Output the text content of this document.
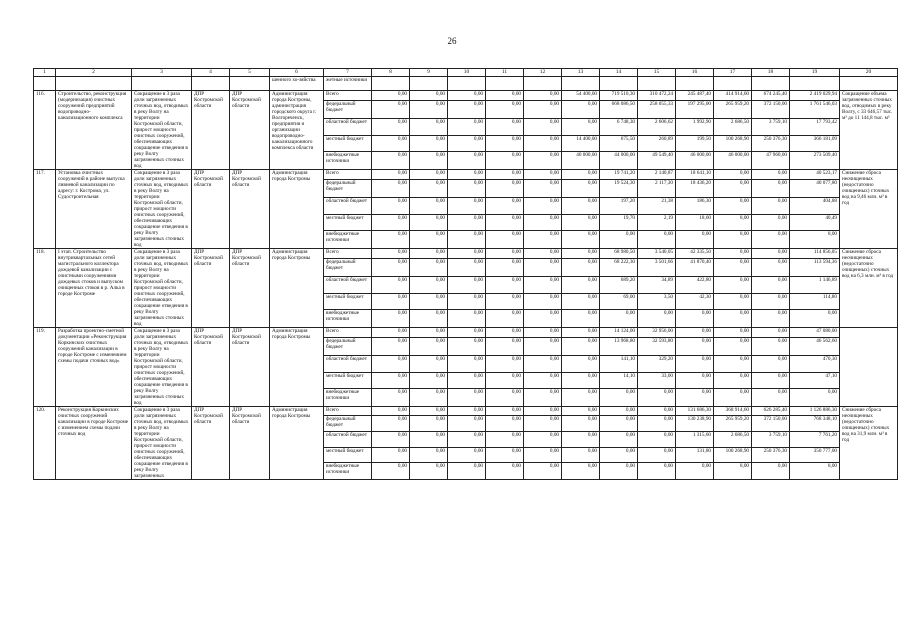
26
1	2	3	4	5	6	7	8	9	10	11	12	13	14	15	16	17	18	19	20
					шенного хо-зяйства	жетные источники													
116.	Строительство, реконструкция (модернизация) очистных сооружений предприятий водопроводно-канализационного комплекса	Сокращение в 3 раза доли загрязненных сточных вод, отводимых в реку Волгу на территории Костромской области, прирост мощности очистных сооружений, обеспечивающих сокращение отведения в реку Волгу загрязненных сточных вод	ДПР Костромской области	ДПР Костромской области	Администрация города Костромы, администрация городского округа г. Волгореченск, предприятия и организации водопроводно-канализационного комплекса области	Всего	0,00	0,00	0,00	0,00	0,00	54 400,00	719 510,30	310 472,24	245 487,40	414 914,60	674 245,40	2 419 029,94	Сокращение объема загрязненных сточных вод, отводимых в реку Волгу, с 33 646,57 тыс. м³ до 11 144,8 тыс. м³
						федеральный бюджет	0,00	0,00	0,00	0,00	0,00	0,00	668 086,50	258 055,33	197 295,00	265 959,20	372 150,00	1 761 546,03	
						областной бюджет	0,00	0,00	0,00	0,00	0,00	0,00	6 748,30	2 606,62	1 992,90	2 686,50	3 759,10	17 793,42	
						местный бюджет	0,00	0,00	0,00	0,00	0,00	14 400,00	675,50	260,89	199,50	100 268,90	250 376,30	366 181,09	
						внебюджетные источники	0,00	0,00	0,00	0,00	0,00	40 000,00	44 000,00	49 549,40	46 000,00	46 000,00	47 960,00	273 509,40	
117.	Установка очистных сооружений в районе выпуска ливневой канализации по адресу: г. Кострома, ул. Судостроительная	Сокращение в 3 раза доли загрязненных сточных вод, отводимых в реку Волгу на территории Костромской области, прирост мощности очистных сооружений, обеспечивающих сокращение отведения в реку Волгу загрязненных сточных вод	ДПР Костромской области	ДПР Костромской области	Администрация города Костромы	Всего	0,00	0,00	0,00	0,00	0,00	0,00	19 741,20	2 140,87	18 641,10	0,00	0,00	40 523,17	Снижение сброса неочищенных (недостаточно очищенных) сточных вод на 9,46 млн. м³ в год
						федеральный бюджет	0,00	0,00	0,00	0,00	0,00	0,00	19 524,30	2 117,30	18 436,20	0,00	0,00	40 077,80	
						областной бюджет	0,00	0,00	0,00	0,00	0,00	0,00	197,20	21,38	186,30	0,00	0,00	404,88	
						местный бюджет	0,00	0,00	0,00	0,00	0,00	0,00	19,70	2,19	18,60	0,00	0,00	40,49	
						внебюджетные источники	0,00	0,00	0,00	0,00	0,00	0,00	0,00	0,00	0,00	0,00	0,00	0,00	
118.	I этап. Строительство внутриквартальных сетей магистрального коллектора дождевой канализации с очистными сооружениями дождевых стоков и выпуском очищенных стоков в р. Алка в городе Костроме	Сокращение в 3 раза доли загрязненных сточных вод, отводимых в реку Волгу на территории Костромской области, прирост мощности очистных сооружений, обеспечивающих сокращение отведения в реку Волгу загрязненных сточных вод	ДПР Костромской области	ДПР Костромской области	Администрация города Костромы	Всего	0,00	0,00	0,00	0,00	0,00	0,00	68 980,50	3 540,05	42 335,50	0,00	0,00	114 856,05	Снижение сброса неочищенных (недостаточно очищенных) сточных вод на 6,3 млн. м³ в год
						федеральный бюджет	0,00	0,00	0,00	0,00	0,00	0,00	68 222,30	3 501,66	41 870,40	0,00	0,00	113 594,36	
						областной бюджет	0,00	0,00	0,00	0,00	0,00	0,00	689,20	34,89	422,80	0,00	0,00	1 146,89	
						местный бюджет	0,00	0,00	0,00	0,00	0,00	0,00	69,00	3,50	42,30	0,00	0,00	114,80	
						внебюджетные источники	0,00	0,00	0,00	0,00	0,00	0,00	0,00	0,00	0,00	0,00	0,00	0,00	
119.	Разработка проектно-сметной документации «Реконструкция Коркинских очистных сооружений канализации в городе Костроме с изменением схемы подачи сточных вод»	Сокращение в 3 раза доли загрязненных сточных вод, отводимых в реку Волгу на территории Костромской области, прирост мощности очистных сооружений, обеспечивающих сокращение отведения в реку Волгу загрязненных сточных вод	ДПР Костромской области	ДПР Костромской области	Администрация города Костромы	Всего	0,00	0,00	0,00	0,00	0,00	0,00	14 124,00	32 956,00	0,00	0,00	0,00	47 080,00	
						федеральный бюджет	0,00	0,00	0,00	0,00	0,00	0,00	13 968,80	32 593,80	0,00	0,00	0,00	46 562,60	
						областной бюджет	0,00	0,00	0,00	0,00	0,00	0,00	141,10	329,20	0,00	0,00	0,00	470,30	
						местный бюджет	0,00	0,00	0,00	0,00	0,00	0,00	14,10	33,00	0,00	0,00	0,00	47,10	
						внебюджетные источники	0,00	0,00	0,00	0,00	0,00	0,00	0,00	0,00	0,00	0,00	0,00	0,00	
120.	Реконструкция Коркинских очистных сооружений канализации в городе Костроме с изменением схемы подачи сточных вод	Сокращение в 3 раза доли загрязненных сточных вод, отводимых в реку Волгу на территории Костромской области, прирост мощности очистных сооружений, обеспечивающих сокращение отведения в реку Волгу загрязненных	ДПР Костромской области	ДПР Костромской области	Администрация города Костромы	Всего	0,00	0,00	0,00	0,00	0,00	0,00	0,00	0,00	131 686,30	368 914,60	626 285,40	1 126 886,30	Снижение сброса неочищенных (недостаточно очищенных) сточных вод на 31,9 млн. м³ в год
						федеральный бюджет	0,00	0,00	0,00	0,00	0,00	0,00	0,00	0,00	130 238,90	265 959,20	372 150,00	768 348,10	
						областной бюджет	0,00	0,00	0,00	0,00	0,00	0,00	0,00	0,00	1 315,60	2 686,50	3 759,10	7 761,20	
						местный бюджет	0,00	0,00	0,00	0,00	0,00	0,00	0,00	0,00	131,80	100 268,90	250 376,30	350 777,00	
						внебюджетные источники	0,00	0,00	0,00	0,00	0,00	0,00	0,00	0,00	0,00	0,00	0,00	0,00	
